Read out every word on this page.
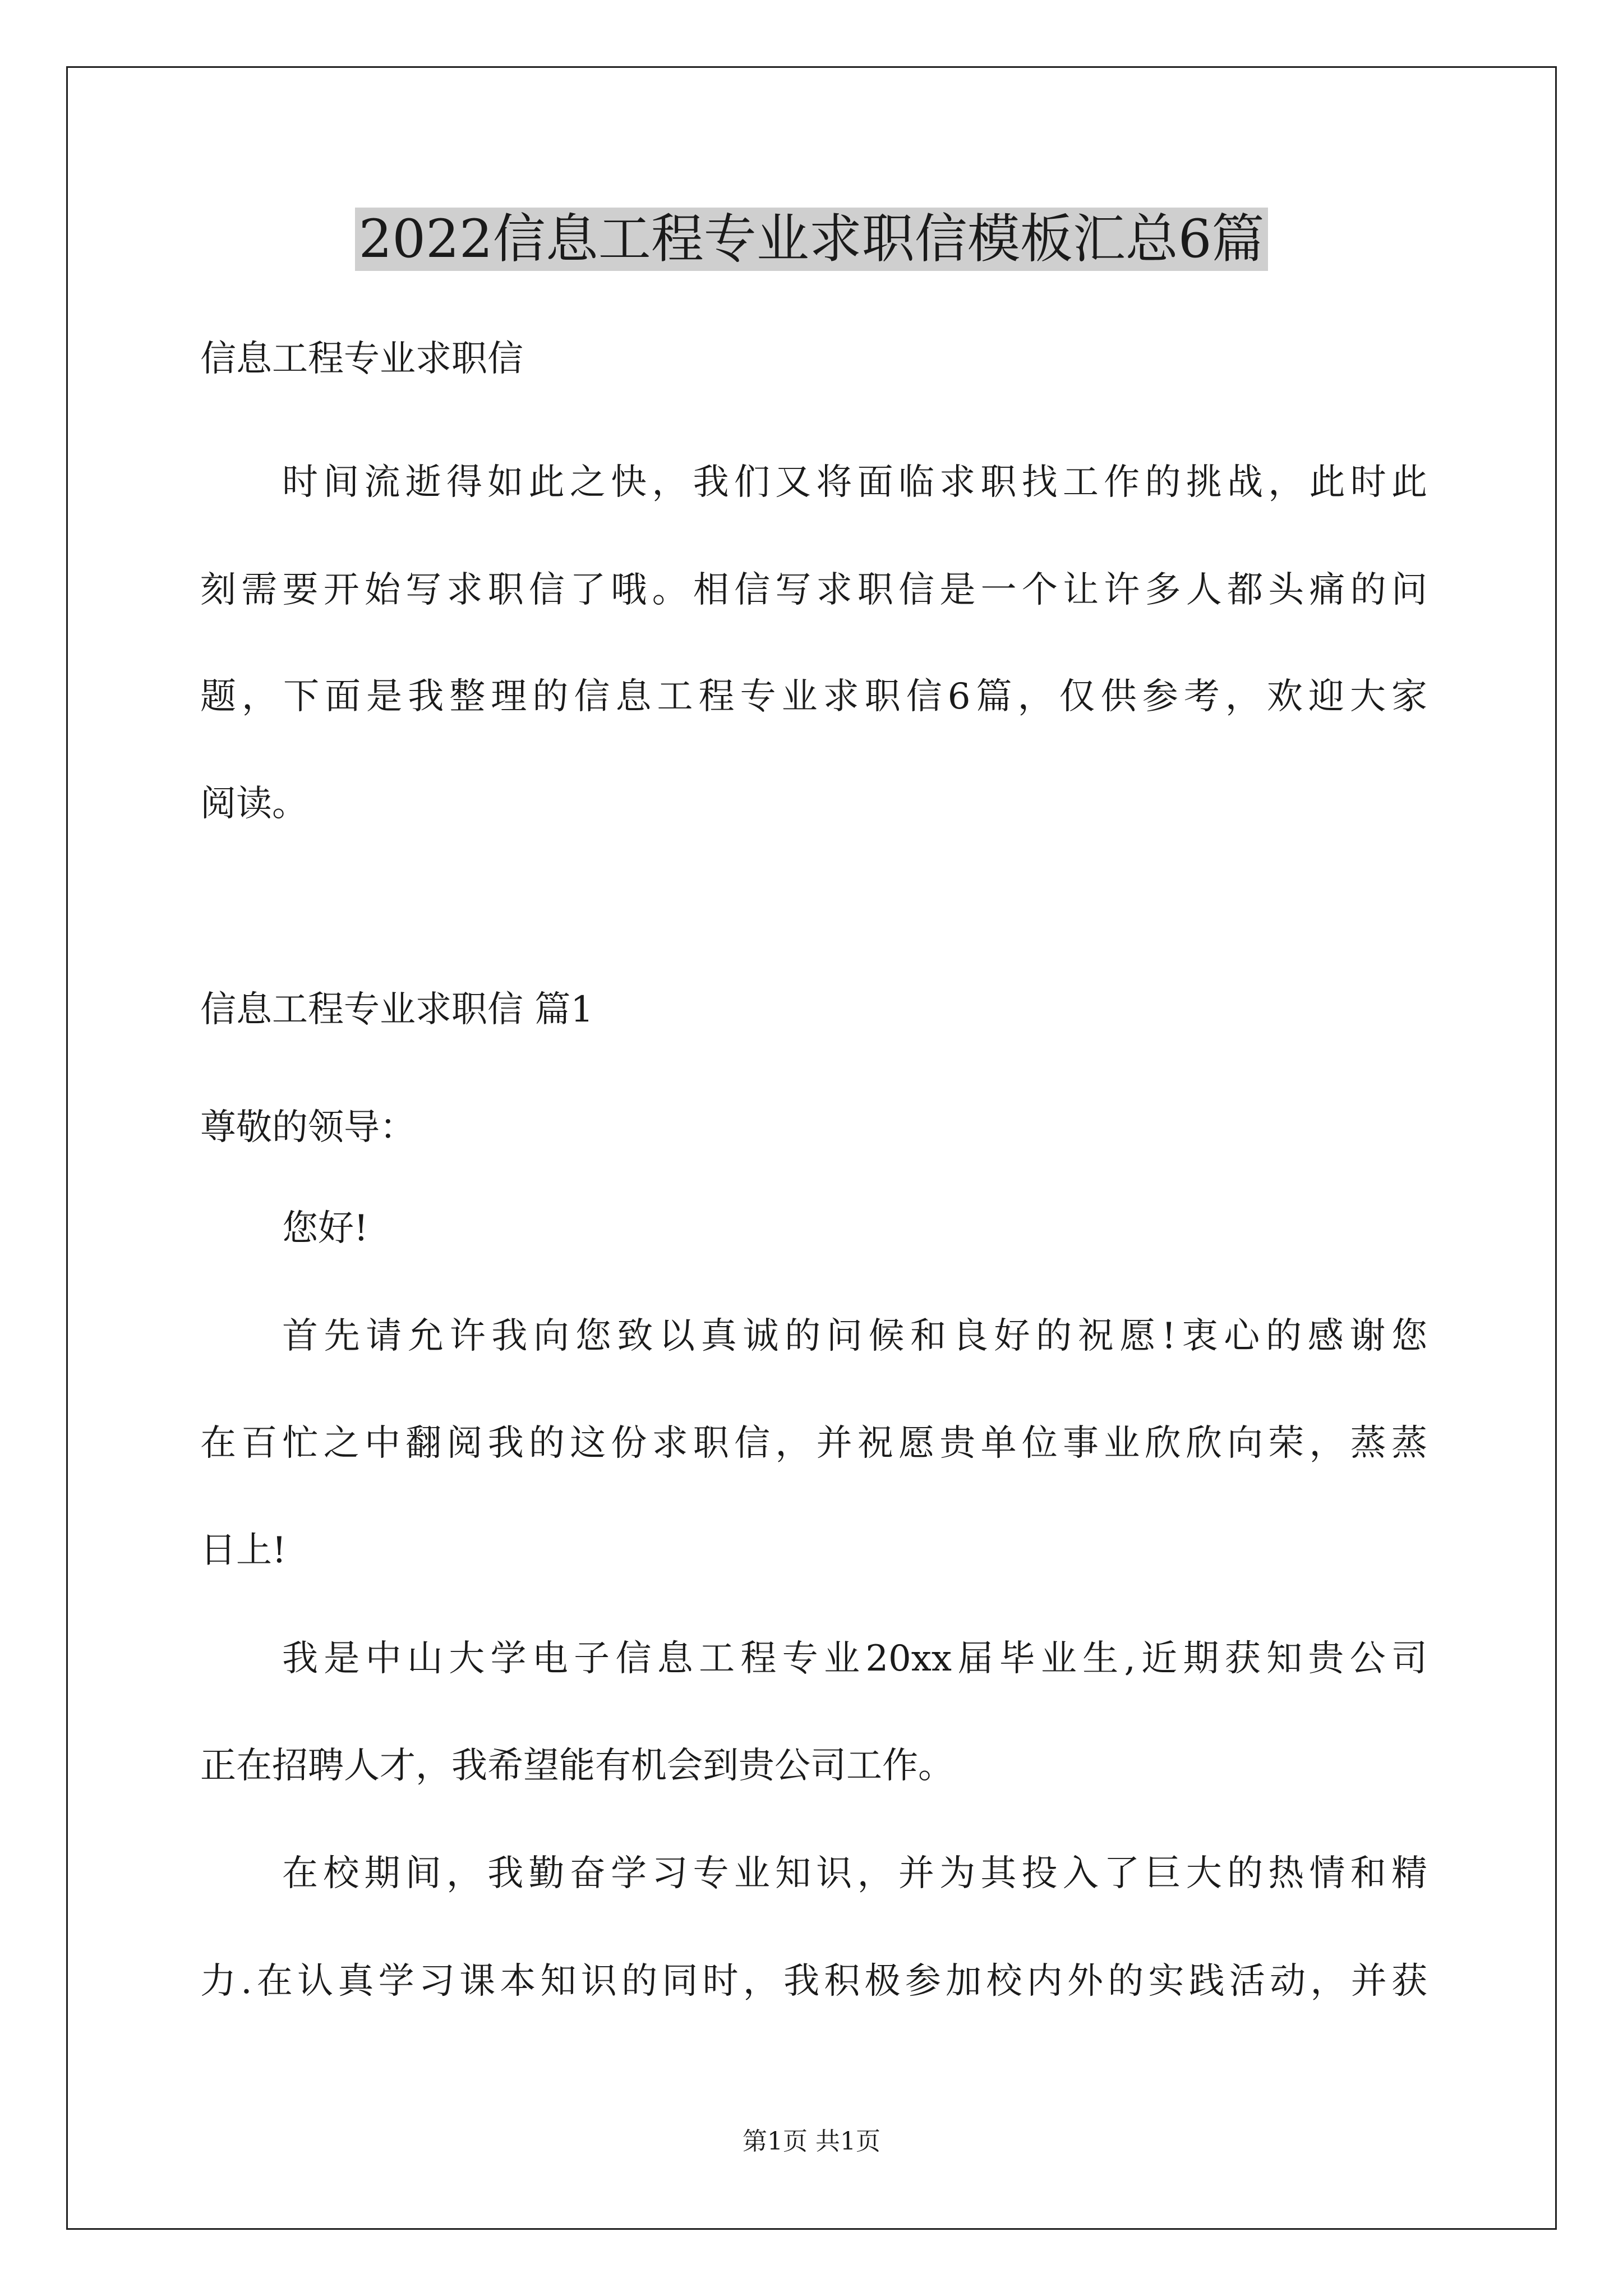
2022信息工程专业求职信模板汇总6篇

信息工程专业求职信

时间流逝得如此之快，我们又将面临求职找工作的挑战，此时此

刻需要开始写求职信了哦。相信写求职信是一个让许多人都头痛的问

题，下面是我整理的信息工程专业求职信6篇，仅供参考，欢迎大家

阅读。

信息工程专业求职信 篇1

尊敬的领导：

您好!

首先请允许我向您致以真诚的问候和良好的祝愿!衷心的感谢您

在百忙之中翻阅我的这份求职信，并祝愿贵单位事业欣欣向荣，蒸蒸

日上!

我是中山大学电子信息工程专业20xx届毕业生,近期获知贵公司

正在招聘人才，我希望能有机会到贵公司工作。

在校期间，我勤奋学习专业知识，并为其投入了巨大的热情和精

力.在认真学习课本知识的同时，我积极参加校内外的实践活动，并获

第1页 共1页
